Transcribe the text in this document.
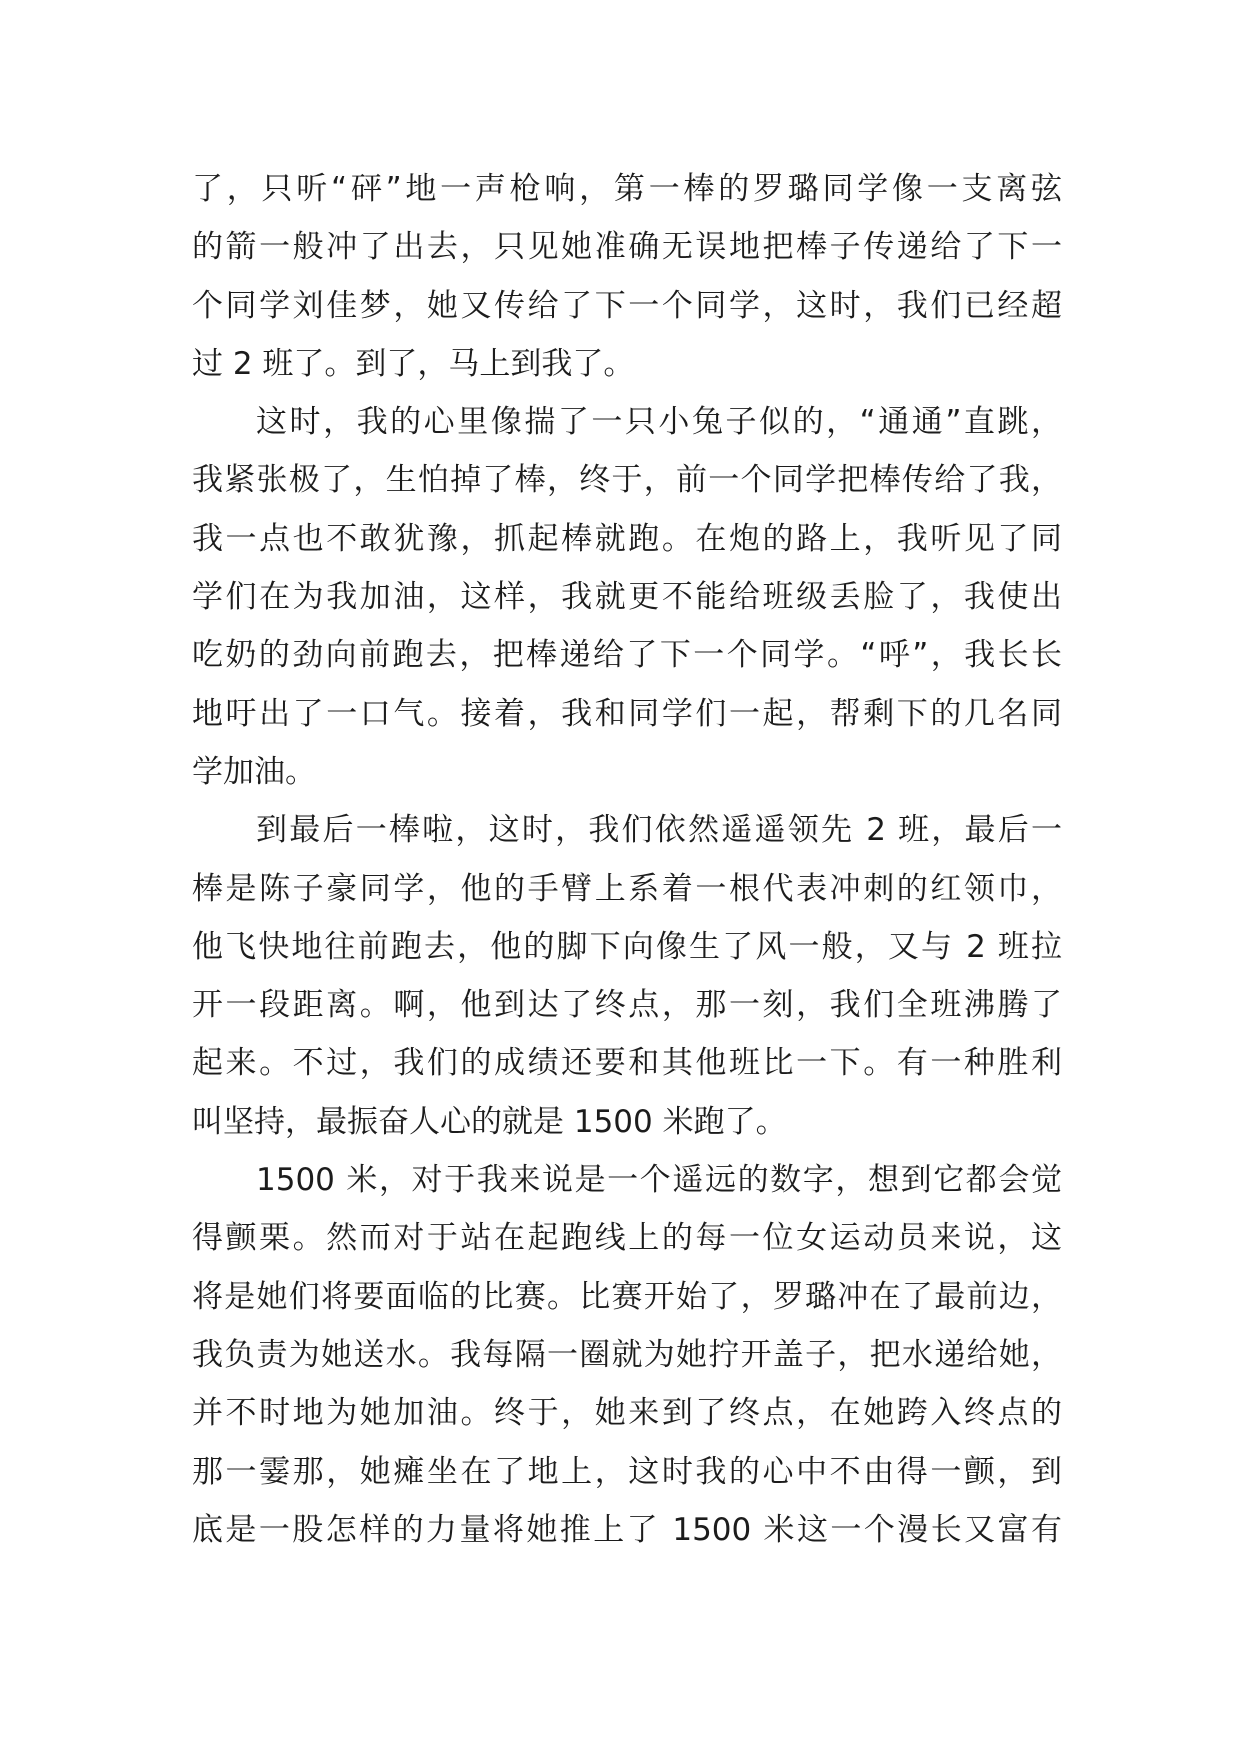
了，只听“砰”地一声枪响，第一棒的罗璐同学像一支离弦
的箭一般冲了出去，只见她准确无误地把棒子传递给了下一
个同学刘佳梦，她又传给了下一个同学，这时，我们已经超
过 2 班了。到了，马上到我了。
这时，我的心里像揣了一只小兔子似的，“通通”直跳，
我紧张极了，生怕掉了棒，终于，前一个同学把棒传给了我，
我一点也不敢犹豫，抓起棒就跑。在炮的路上，我听见了同
学们在为我加油，这样，我就更不能给班级丢脸了，我使出
吃奶的劲向前跑去，把棒递给了下一个同学。“呼”，我长长
地吁出了一口气。接着，我和同学们一起，帮剩下的几名同
学加油。
到最后一棒啦，这时，我们依然遥遥领先 2 班，最后一
棒是陈子豪同学，他的手臂上系着一根代表冲刺的红领巾，
他飞快地往前跑去，他的脚下向像生了风一般，又与 2 班拉
开一段距离。啊，他到达了终点，那一刻，我们全班沸腾了
起来。不过，我们的成绩还要和其他班比一下。有一种胜利
叫坚持，最振奋人心的就是 1500 米跑了。
1500 米，对于我来说是一个遥远的数字，想到它都会觉
得颤栗。然而对于站在起跑线上的每一位女运动员来说，这
将是她们将要面临的比赛。比赛开始了，罗璐冲在了最前边，
我负责为她送水。我每隔一圈就为她拧开盖子，把水递给她，
并不时地为她加油。终于，她来到了终点，在她跨入终点的
那一霎那，她瘫坐在了地上，这时我的心中不由得一颤，到
底是一股怎样的力量将她推上了 1500 米这一个漫长又富有
